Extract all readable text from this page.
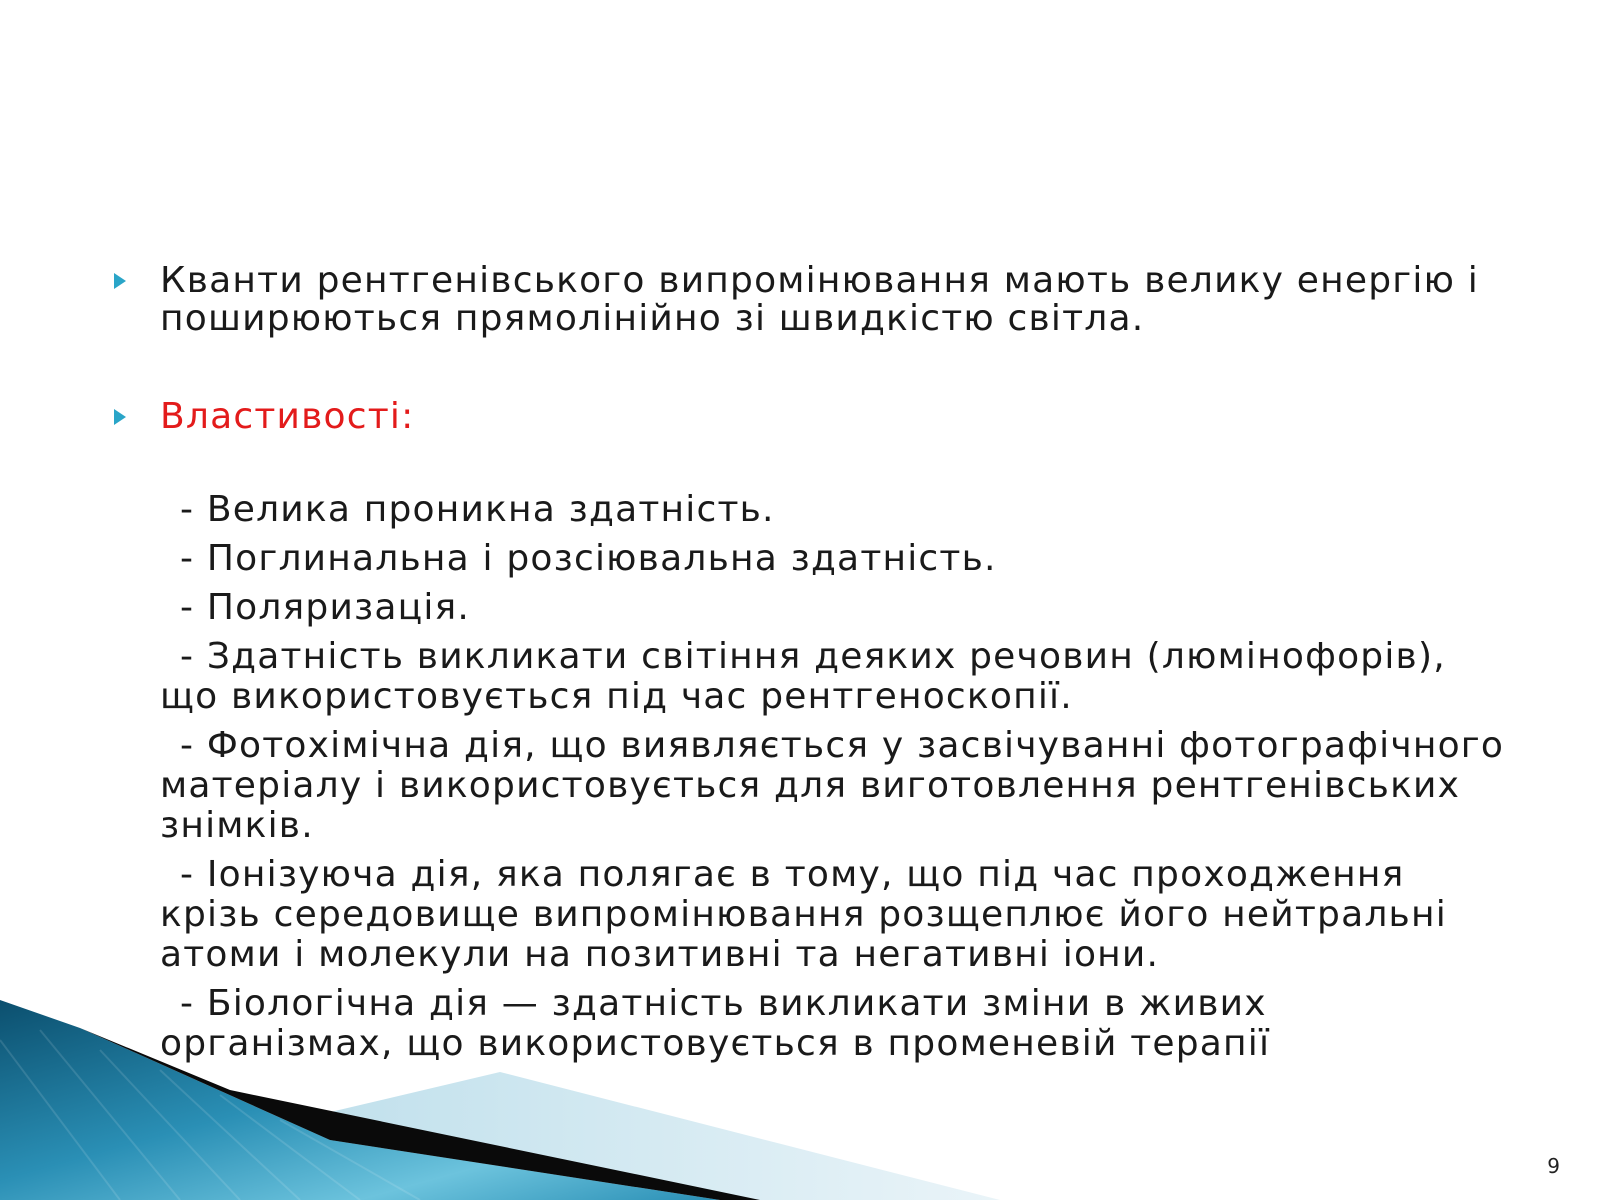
Кванти рентгенівського випромінювання мають велику енергію і поширюються прямолінійно зі швидкістю світла.
Властивості:
- Велика проникна здатність.
- Поглинальна і розсіювальна здатність.
- Поляризація.
- Здатність викликати світіння деяких речовин (люмінофорів), що використовується під час рентгеноскопії.
- Фотохімічна дія, що виявляється у засвічуванні фотографічного матеріалу і використовується для виготовлення рентгенівських знімків.
- Іонізуюча дія, яка полягає в тому, що під час проходження крізь середовище випромінювання розщеплює його нейтральні атоми і молекули на позитивні та негативні іони.
- Біологічна дія — здатність викликати зміни в живих організмах, що використовується в променевій терапії
9
